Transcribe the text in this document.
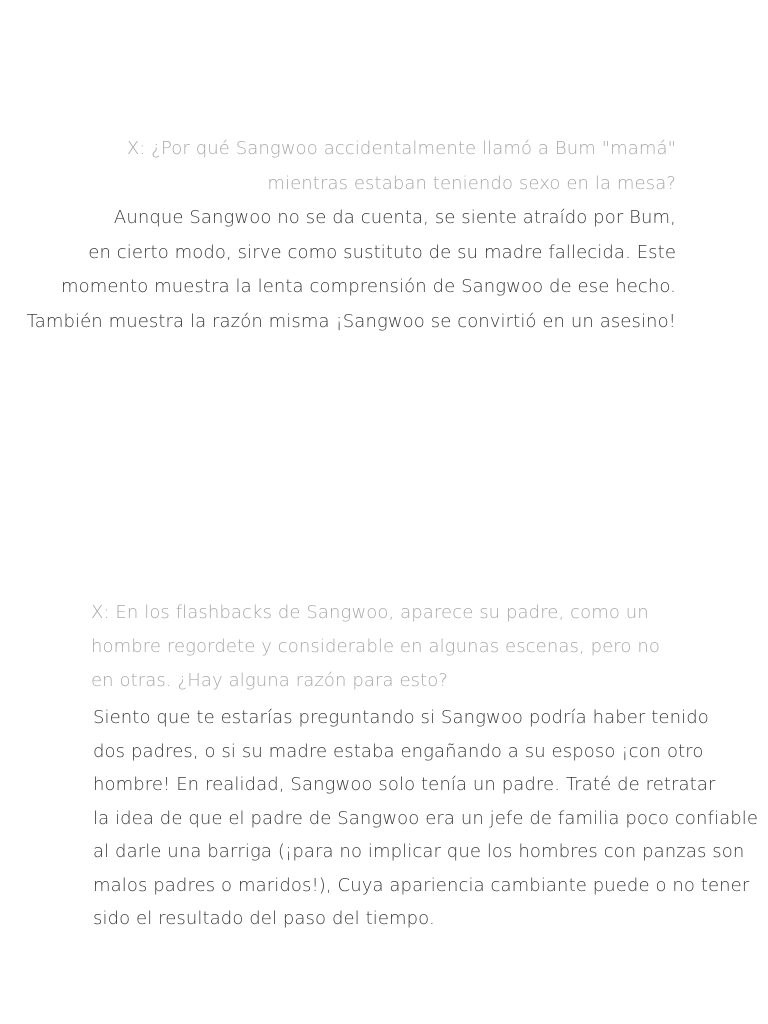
X: ¿Por qué Sangwoo accidentalmente llamó a Bum "mamá"
mientras estaban teniendo sexo en la mesa?
Aunque Sangwoo no se da cuenta, se siente atraído por Bum,
en cierto modo, sirve como sustituto de su madre fallecida. Este
momento muestra la lenta comprensión de Sangwoo de ese hecho.
También muestra la razón misma ¡Sangwoo se convirtió en un asesino!
X: En los flashbacks de Sangwoo, aparece su padre, como un
hombre regordete y considerable en algunas escenas, pero no
en otras. ¿Hay alguna razón para esto?
Siento que te estarías preguntando si Sangwoo podría haber tenido
dos padres, o si su madre estaba engañando a su esposo ¡con otro
hombre! En realidad, Sangwoo solo tenía un padre. Traté de retratar
la idea de que el padre de Sangwoo era un jefe de familia poco confiable
al darle una barriga (¡para no implicar que los hombres con panzas son
malos padres o maridos!), Cuya apariencia cambiante puede o no tener
sido el resultado del paso del tiempo.
